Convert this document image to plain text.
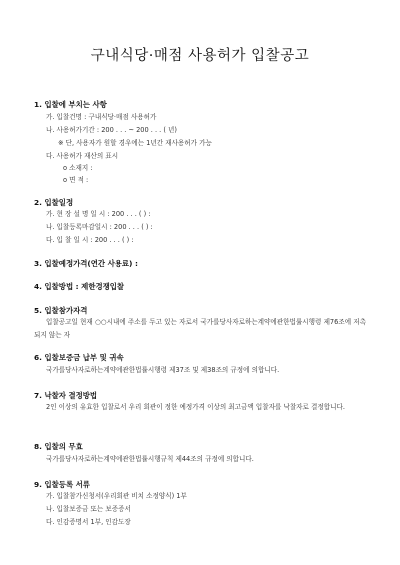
구내식당·매점 사용허가 입찰공고
1. 입찰에 부치는 사항
가. 입찰건명 : 구내식당·매점 사용허가
나. 사용허가기간 : 200 . . . ~ 200 . . . ( 년)
※ 단, 사용자가 원할 경우에는 1년간 재사용허가 가능
다. 사용허가 재산의 표시
o 소재지 :
o 면 적 :
2. 입찰일정
가. 현 장 설 명 일 시 : 200 . . . ( ) :
나. 입찰등록마감일시 : 200 . . . ( ) :
다. 입 찰 일 시 : 200 . . . ( ) :
3. 입찰예정가격(연간 사용료) :
4. 입찰방법 : 제한경쟁입찰
5. 입찰참가자격
입찰공고일 현재 ○○시내에 주소를 두고 있는 자로서 국가를당사자로하는계약에관한법률시행령 제76조에 저촉되지 않는 자
6. 입찰보증금 납부 및 귀속
국가를당사자로하는계약에관한법률시행령 제37조 및 제38조의 규정에 의합니다.
7. 낙찰자 결정방법
2인 이상의 유효한 입찰로서 우리 회관이 정한 예정가격 이상의 최고금액 입찰자를 낙찰자로 결정합니다.
8. 입찰의 무효
국가를당사자로하는계약에관한법률시행규칙 제44조의 규정에 의합니다.
9. 입찰등록 서류
가. 입찰참가신청서(우리회관 비치 소정양식) 1부
나. 입찰보증금 또는 보증증서
다. 인감증명서 1부, 인감도장
